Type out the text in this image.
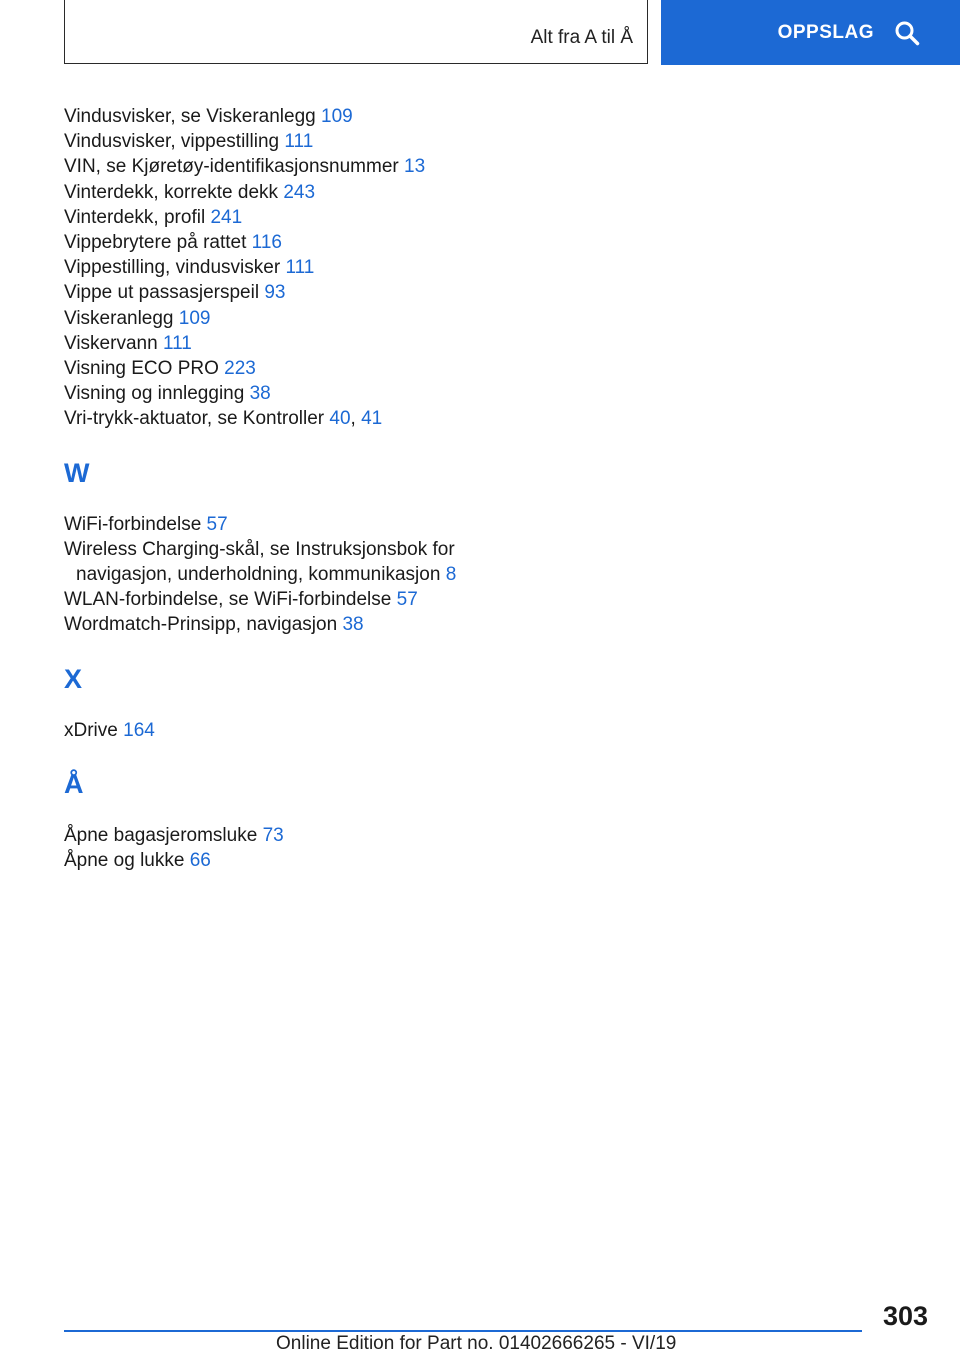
Alt fra A til Å	OPPSLAG
Vindusvisker, se Viskeranlegg 109
Vindusvisker, vippestilling 111
VIN, se Kjøretøy-identifikasjonsnummer 13
Vinterdekk, korrekte dekk 243
Vinterdekk, profil 241
Vippebrytere på rattet 116
Vippestilling, vindusvisker 111
Vippe ut passasjerspeil 93
Viskeranlegg 109
Viskervann 111
Visning ECO PRO 223
Visning og innlegging 38
Vri-trykk-aktuator, se Kontroller 40, 41
W
WiFi-forbindelse 57
Wireless Charging-skål, se Instruksjonsbok for navigasjon, underholdning, kommunikasjon 8
WLAN-forbindelse, se WiFi-forbindelse 57
Wordmatch-Prinsipp, navigasjon 38
X
xDrive 164
Å
Åpne bagasjeromsluke 73
Åpne og lukke 66
303
Online Edition for Part no. 01402666265 - VI/19
